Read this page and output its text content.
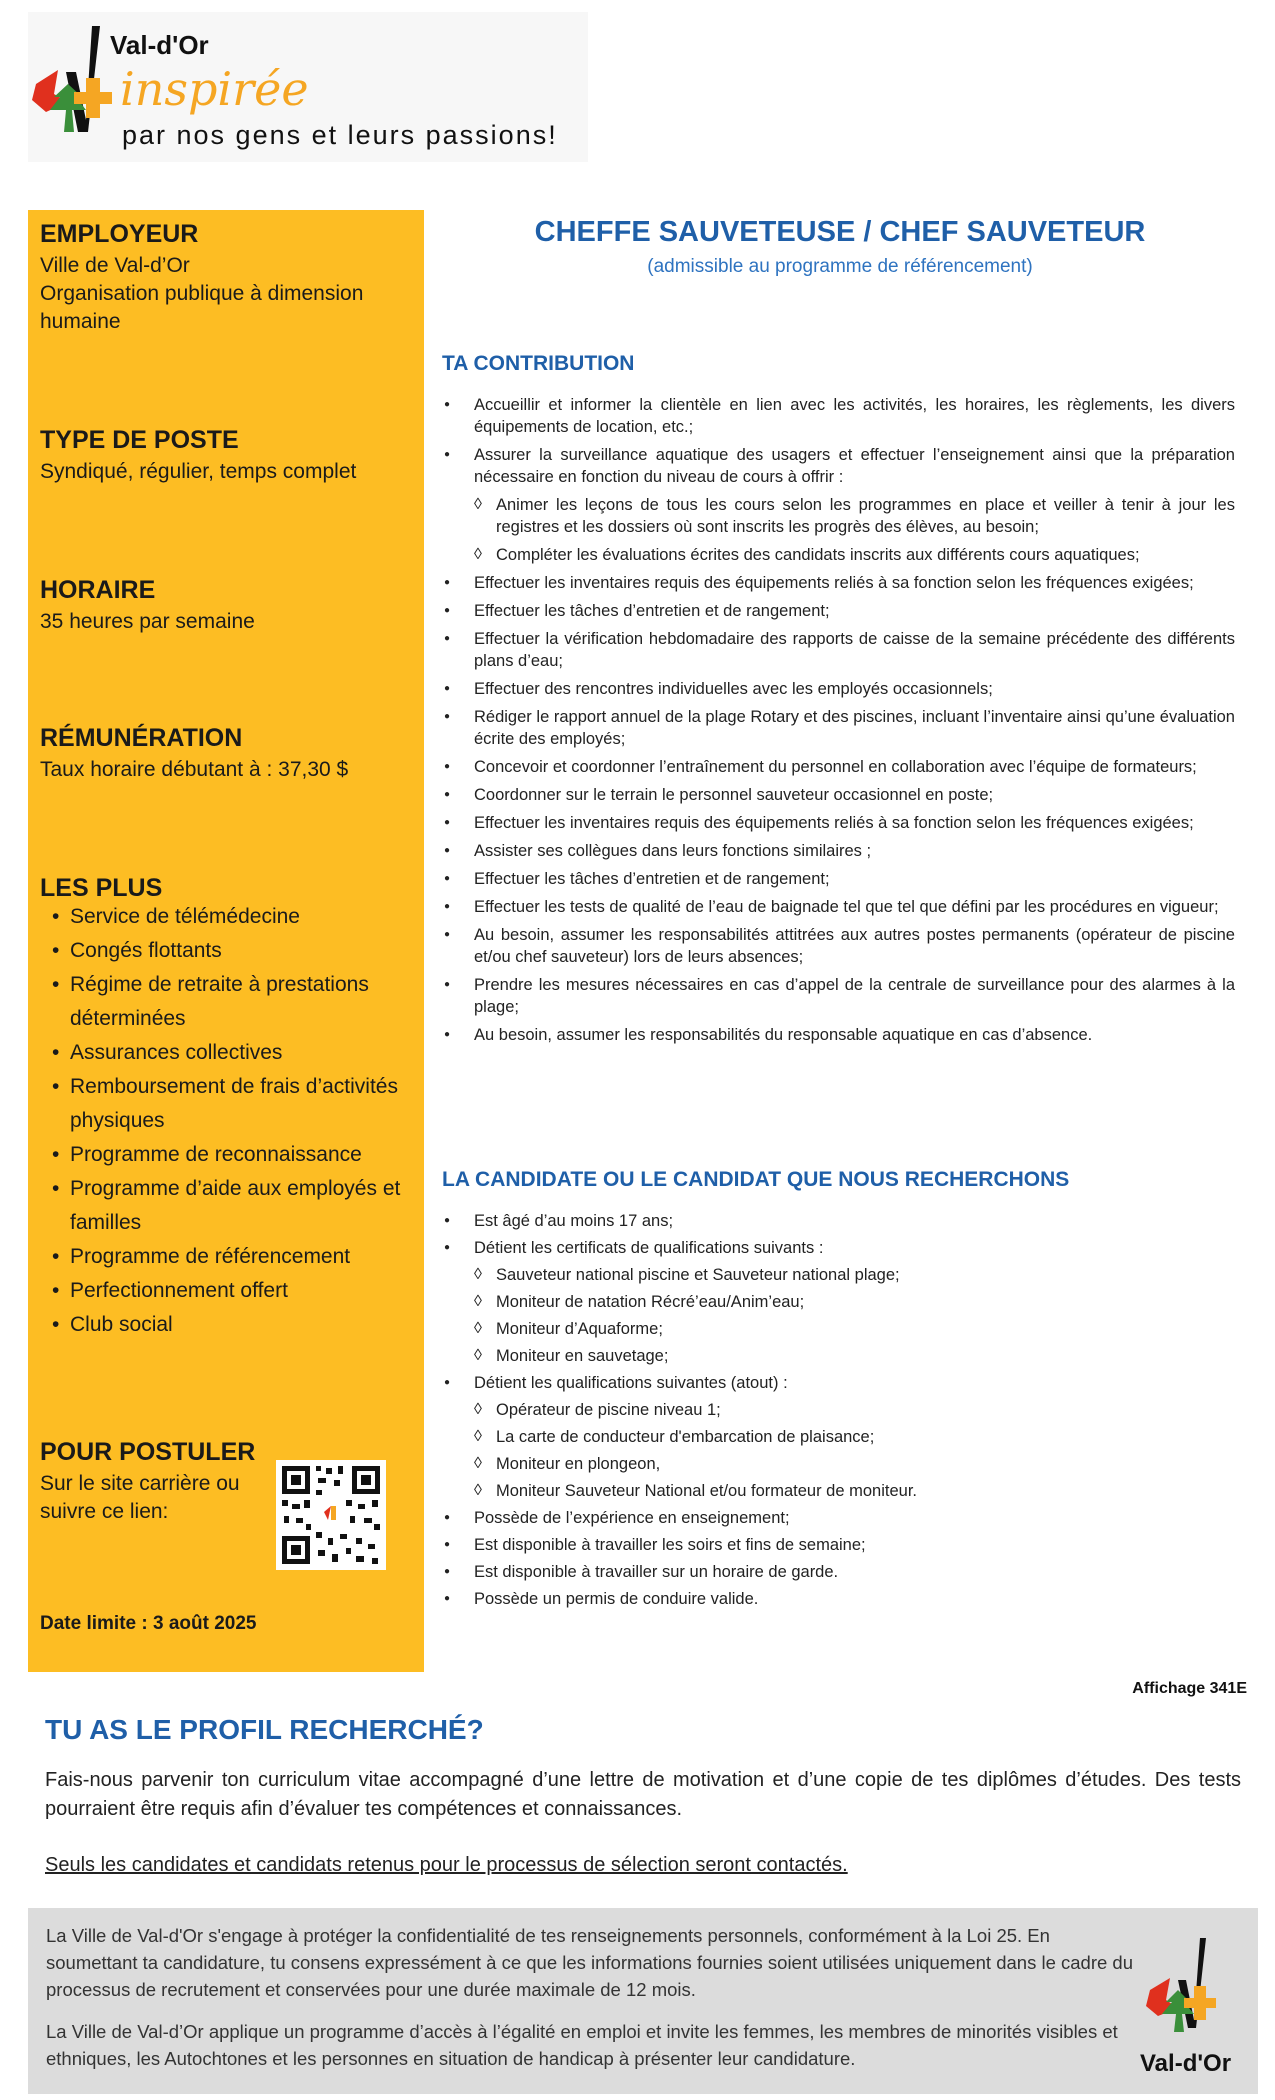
Val-d'Or
inspirée
par nos gens et leurs passions!
EMPLOYEUR

Ville de Val-d’Or

Organisation publique à dimension

humaine

TYPE DE POSTE

Syndiqué, régulier, temps complet

HORAIRE

35 heures par semaine

RÉMUNÉRATION

Taux horaire débutant à : 37,30 $

LES PLUS
• Service de télémédecine
• Congés flottants
• Régime de retraite à prestations déterminées
• Assurances collectives
• Remboursement de frais d’activités physiques
• Programme de reconnaissance
• Programme d’aide aux employés et familles
• Programme de référencement
• Perfectionnement offert
• Club social
POUR POSTULER

Sur le site carrière ou

suivre ce lien:

Date limite : 3 août 2025

CHEFFE SAUVETEUSE / CHEF SAUVETEUR

(admissible au programme de référencement)

TA CONTRIBUTION
● Accueillir et informer la clientèle en lien avec les activités, les horaires, les règlements, les divers équipements de location, etc.;
● Assurer la surveillance aquatique des usagers et effectuer l’enseignement ainsi que la préparation nécessaire en fonction du niveau de cours à offrir :
◊ Animer les leçons de tous les cours selon les programmes en place et veiller à tenir à jour les registres et les dossiers où sont inscrits les progrès des élèves, au besoin;
◊ Compléter les évaluations écrites des candidats inscrits aux différents cours aquatiques;
● Effectuer les inventaires requis des équipements reliés à sa fonction selon les fréquences exigées;
● Effectuer les tâches d’entretien et de rangement;
● Effectuer la vérification hebdomadaire des rapports de caisse de la semaine précédente des différents plans d’eau;
● Effectuer des rencontres individuelles avec les employés occasionnels;
● Rédiger le rapport annuel de la plage Rotary et des piscines, incluant l’inventaire ainsi qu’une évaluation écrite des employés;
● Concevoir et coordonner l’entraînement du personnel en collaboration avec l’équipe de formateurs;
● Coordonner sur le terrain le personnel sauveteur occasionnel en poste;
● Effectuer les inventaires requis des équipements reliés à sa fonction selon les fréquences exigées;
● Assister ses collègues dans leurs fonctions similaires ;
● Effectuer les tâches d’entretien et de rangement;
● Effectuer les tests de qualité de l’eau de baignade tel que tel que défini par les procédures en vigueur;
● Au besoin, assumer les responsabilités attitrées aux autres postes permanents (opérateur de piscine et/ou chef sauveteur) lors de leurs absences;
● Prendre les mesures nécessaires en cas d’appel de la centrale de surveillance pour des alarmes à la plage;
● Au besoin, assumer les responsabilités du responsable aquatique en cas d’absence.
LA CANDIDATE OU LE CANDIDAT QUE NOUS RECHERCHONS
● Est âgé d’au moins 17 ans;
● Détient les certificats de qualifications suivants :
◊ Sauveteur national piscine et Sauveteur national plage;
◊ Moniteur de natation Récré’eau/Anim’eau;
◊ Moniteur d’Aquaforme;
◊ Moniteur en sauvetage;
● Détient les qualifications suivantes (atout) :
◊ Opérateur de piscine niveau 1;
◊ La carte de conducteur d'embarcation de plaisance;
◊ Moniteur en plongeon,
◊ Moniteur Sauveteur National et/ou formateur de moniteur.
● Possède de l’expérience en enseignement;
● Est disponible à travailler les soirs et fins de semaine;
● Est disponible à travailler sur un horaire de garde.
● Possède un permis de conduire valide.
Affichage 341E
TU AS LE PROFIL RECHERCHÉ?

Fais-nous parvenir ton curriculum vitae accompagné d’une lettre de motivation et d’une copie de tes diplômes d’études. Des tests pourraient être requis afin d’évaluer tes compétences et connaissances.

Seuls les candidates et candidats retenus pour le processus de sélection seront contactés.

La Ville de Val-d'Or s'engage à protéger la confidentialité de tes renseignements personnels, conformément à la Loi 25. En soumettant ta candidature, tu consens expressément à ce que les informations fournies soient utilisées uniquement dans le cadre du processus de recrutement et conservées pour une durée maximale de 12 mois.

La Ville de Val-d’Or applique un programme d’accès à l’égalité en emploi et invite les femmes, les membres de minorités visibles et ethniques, les Autochtones et les personnes en situation de handicap à présenter leur candidature.	Val-d'Or
